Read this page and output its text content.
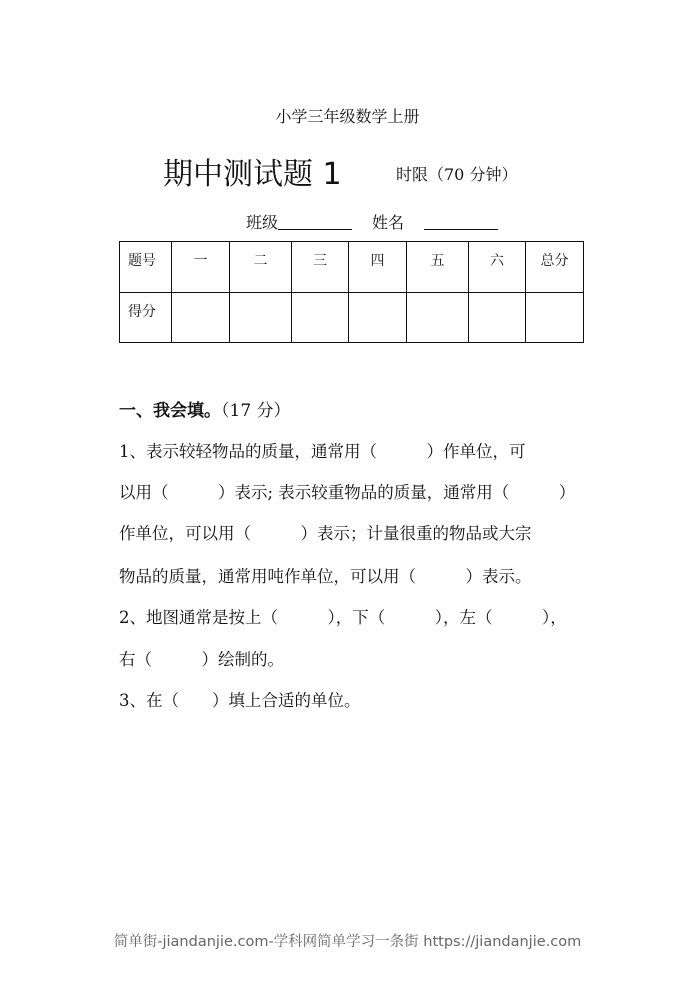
小学三年级数学上册
期中测试题 1	时限（70 分钟）
班级	姓名
题号	一	二	三	四	五	六	总分

得分							

一、我会填。（17 分）
1、表示较轻物品的质量，通常用（　　　）作单位，可
以用（　　　）表示; 表示较重物品的质量，通常用（　　　）
作单位，可以用（　　　）表示；计量很重的物品或大宗
物品的质量，通常用吨作单位，可以用（　　　）表示。
2、地图通常是按上（　　　），下（　　　），左（　　　），
右（　　　）绘制的。
3、在（　　）填上合适的单位。
简单街-jiandanjie.com-学科网简单学习一条街 https://jiandanjie.com
